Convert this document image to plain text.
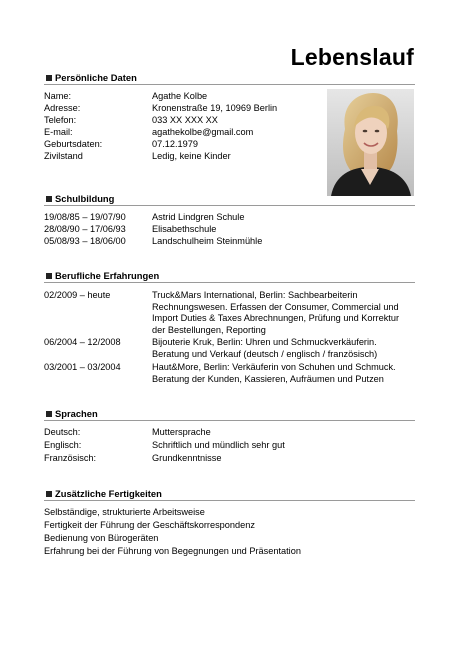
Lebenslauf
Persönliche Daten
Name:	Agathe Kolbe
Adresse:	Kronenstraße 19, 10969 Berlin
Telefon:	033 XX XXX XX
E-mail:	agathekolbe@gmail.com
Geburtsdaten:	07.12.1979
Zivilstand	Ledig, keine Kinder
Schulbildung
19/08/85 – 19/07/90	Astrid Lindgren Schule
28/08/90 – 17/06/93	Elisabethschule
05/08/93 – 18/06/00	Landschulheim Steinmühle
Berufliche Erfahrungen
02/2009 – heute	Truck&Mars International, Berlin: Sachbearbeiterin Rechnungswesen. Erfassen der Consumer, Commercial und Import Duties & Taxes Abrechnungen, Prüfung und Korrektur der Bestellungen, Reporting
06/2004 – 12/2008	Bijouterie Kruk, Berlin: Uhren und Schmuckverkäuferin. Beratung und Verkauf (deutsch / englisch / französisch)
03/2001 – 03/2004	Haut&More, Berlin: Verkäuferin von Schuhen und Schmuck. Beratung der Kunden, Kassieren, Aufräumen und Putzen
Sprachen
Deutsch:	Muttersprache
Englisch:	Schriftlich und mündlich sehr gut
Französisch:	Grundkenntnisse
Zusätzliche Fertigkeiten
Selbständige, strukturierte Arbeitsweise
Fertigkeit der Führung der Geschäftskorrespondenz
Bedienung von Bürogeräten
Erfahrung bei der Führung von Begegnungen und Präsentation
